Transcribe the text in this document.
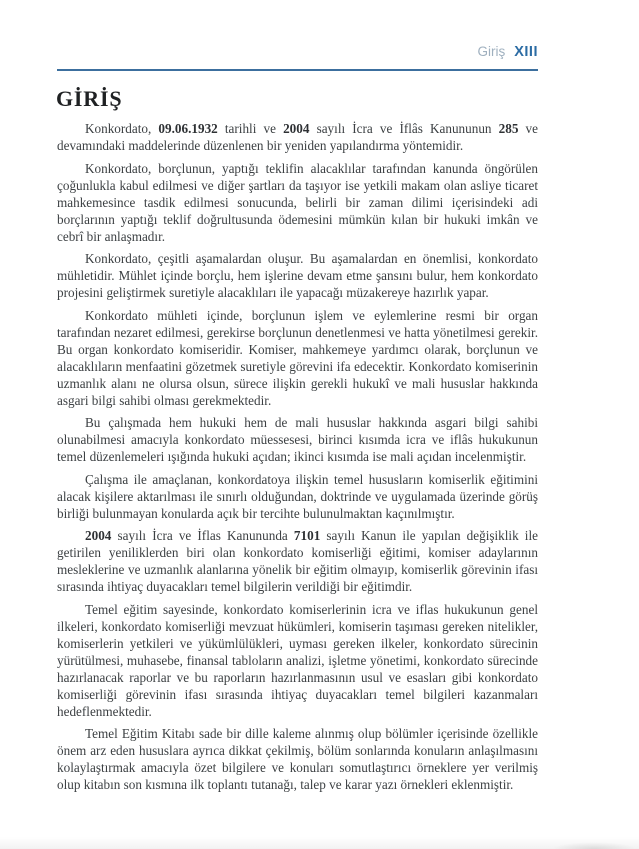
Giriş XIII
GİRİŞ

Konkordato, 09.06.1932 tarihli ve 2004 sayılı İcra ve İflâs Kanununun 285 ve devamındaki maddelerinde düzenlenen bir yeniden yapılandırma yöntemidir.

Konkordato, borçlunun, yaptığı teklifin alacaklılar tarafından kanunda öngörülen çoğunlukla kabul edilmesi ve diğer şartları da taşıyor ise yetkili makam olan asliye ticaret mahkemesince tasdik edilmesi sonucunda, belirli bir zaman dilimi içerisindeki adi borçlarının yaptığı teklif doğrultusunda ödemesini mümkün kılan bir hukuki imkân ve cebrî bir anlaşmadır.

Konkordato, çeşitli aşamalardan oluşur. Bu aşamalardan en önemlisi, konkordato mühletidir. Mühlet içinde borçlu, hem işlerine devam etme şansını bulur, hem konkordato projesini geliştirmek suretiyle alacaklıları ile yapacağı müzakereye hazırlık yapar.

Konkordato mühleti içinde, borçlunun işlem ve eylemlerine resmi bir organ tarafından nezaret edilmesi, gerekirse borçlunun denetlenmesi ve hatta yönetilmesi gerekir. Bu organ konkordato komiseridir. Komiser, mahkemeye yardımcı olarak, borçlunun ve alacaklıların menfaatini gözetmek suretiyle görevini ifa edecektir. Konkordato komiserinin uzmanlık alanı ne olursa olsun, sürece ilişkin gerekli hukukî ve mali hususlar hakkında asgari bilgi sahibi olması gerekmektedir.

Bu çalışmada hem hukuki hem de mali hususlar hakkında asgari bilgi sahibi olunabilmesi amacıyla konkordato müessesesi, birinci kısımda icra ve iflâs hukukunun temel düzenlemeleri ışığında hukuki açıdan; ikinci kısımda ise mali açıdan incelenmiştir.

Çalışma ile amaçlanan, konkordatoya ilişkin temel hususların komiserlik eğitimini alacak kişilere aktarılması ile sınırlı olduğundan, doktrinde ve uygulamada üzerinde görüş birliği bulunmayan konularda açık bir tercihte bulunulmaktan kaçınılmıştır.

2004 sayılı İcra ve İflas Kanununda 7101 sayılı Kanun ile yapılan değişiklik ile getirilen yeniliklerden biri olan konkordato komiserliği eğitimi, komiser adaylarının mesleklerine ve uzmanlık alanlarına yönelik bir eğitim olmayıp, komiserlik görevinin ifası sırasında ihtiyaç duyacakları temel bilgilerin verildiği bir eğitimdir.

Temel eğitim sayesinde, konkordato komiserlerinin icra ve iflas hukukunun genel ilkeleri, konkordato komiserliği mevzuat hükümleri, komiserin taşıması gereken nitelikler, komiserlerin yetkileri ve yükümlülükleri, uyması gereken ilkeler, konkordato sürecinin yürütülmesi, muhasebe, finansal tabloların analizi, işletme yönetimi, konkordato sürecinde hazırlanacak raporlar ve bu raporların hazırlanmasının usul ve esasları gibi konkordato komiserliği görevinin ifası sırasında ihtiyaç duyacakları temel bilgileri kazanmaları hedeflenmektedir.

Temel Eğitim Kitabı sade bir dille kaleme alınmış olup bölümler içerisinde özellikle önem arz eden hususlara ayrıca dikkat çekilmiş, bölüm sonlarında konuların anlaşılmasını kolaylaştırmak amacıyla özet bilgilere ve konuları somutlaştırıcı örneklere yer verilmiş olup kitabın son kısmına ilk toplantı tutanağı, talep ve karar yazı örnekleri eklenmiştir.
